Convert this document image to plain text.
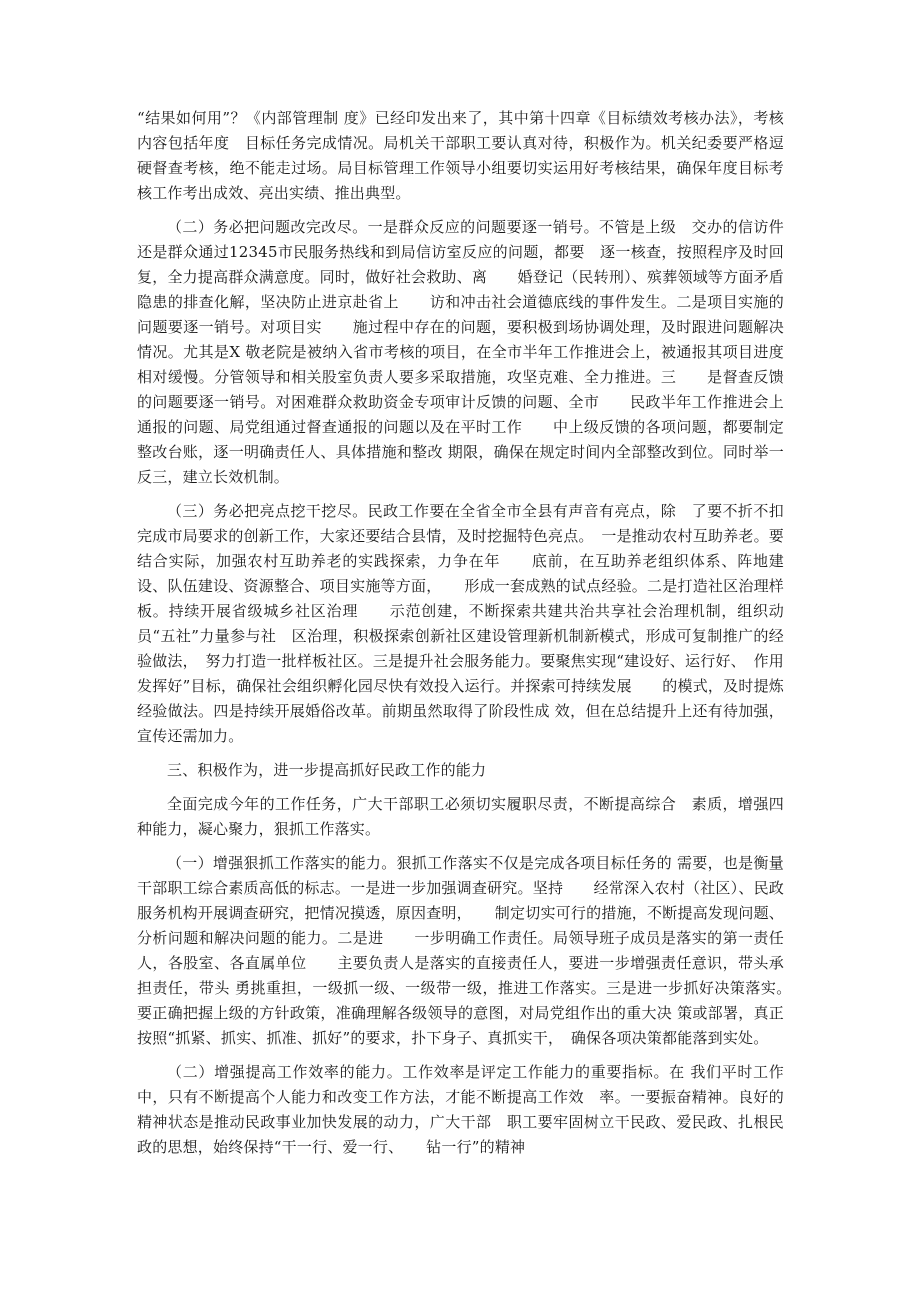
“结果如何用”？《内部管理制 度》已经印发出来了，其中第十四章《目标绩效考核办法》，考核内容包括年度　目标任务完成情况。局机关干部职工要认真对待，积极作为。机关纪委要严格逗　硬督查考核，绝不能走过场。局目标管理工作领导小组要切实运用好考核结果，确保年度目标考核工作考出成效、亮出实绩、推出典型。

（二）务必把问题改完改尽。一是群众反应的问题要逐一销号。不管是上级　交办的信访件还是群众通过12345市民服务热线和到局信访室反应的问题，都要　逐一核查，按照程序及时回复，全力提高群众满意度。同时，做好社会救助、离　　婚登记（民转刑）、殡葬领域等方面矛盾隐患的排查化解，坚决防止进京赴省上　　访和冲击社会道德底线的事件发生。二是项目实施的问题要逐一销号。对项目实　　施过程中存在的问题，要积极到场协调处理，及时跟进问题解决情况。尤其是X 敬老院是被纳入省市考核的项目，在全市半年工作推进会上，被通报其项目进度　　相对缓慢。分管领导和相关股室负责人要多采取措施，攻坚克难、全力推进。三　　是督查反馈的问题要逐一销号。对困难群众救助资金专项审计反馈的问题、全市　　民政半年工作推进会上通报的问题、局党组通过督查通报的问题以及在平时工作　　中上级反馈的各项问题，都要制定整改台账，逐一明确责任人、具体措施和整改 期限，确保在规定时间内全部整改到位。同时举一反三，建立长效机制。

（三）务必把亮点挖干挖尽。民政工作要在全省全市全县有声音有亮点，除　了要不折不扣完成市局要求的创新工作，大家还要结合县情，及时挖掘特色亮点。　一是推动农村互助养老。要结合实际，加强农村互助养老的实践探索，力争在年　　底前，在互助养老组织体系、阵地建设、队伍建设、资源整合、项目实施等方面，　　形成一套成熟的试点经验。二是打造社区治理样板。持续开展省级城乡社区治理　　示范创建，不断探索共建共治共享社会治理机制，组织动员“五社”力量参与社　区治理，积极探索创新社区建设管理新机制新模式，形成可复制推广的经验做法，　努力打造一批样板社区。三是提升社会服务能力。要聚焦实现“建设好、运行好、　作用发挥好”目标，确保社会组织孵化园尽快有效投入运行。并探索可持续发展　　的模式，及时提炼经验做法。四是持续开展婚俗改革。前期虽然取得了阶段性成 效，但在总结提升上还有待加强，宣传还需加力。

三、积极作为，进一步提高抓好民政工作的能力

全面完成今年的工作任务，广大干部职工必须切实履职尽责，不断提高综合　素质，增强四种能力，凝心聚力，狠抓工作落实。

（一）增强狠抓工作落实的能力。狠抓工作落实不仅是完成各项目标任务的 需要，也是衡量干部职工综合素质高低的标志。一是进一步加强调查研究。坚持　　经常深入农村（社区）、民政服务机构开展调查研究，把情况摸透，原因查明，　　制定切实可行的措施，不断提高发现问题、分析问题和解决问题的能力。二是进　　一步明确工作责任。局领导班子成员是落实的第一责任人，各股室、各直属单位　　主要负责人是落实的直接责任人，要进一步增强责任意识，带头承担责任，带头 勇挑重担，一级抓一级、一级带一级，推进工作落实。三是进一步抓好决策落实。　要正确把握上级的方针政策，准确理解各级领导的意图，对局党组作出的重大决 策或部署，真正按照“抓紧、抓实、抓准、抓好”的要求，扑下身子、真抓实干，　确保各项决策都能落到实处。

（二）增强提高工作效率的能力。工作效率是评定工作能力的重要指标。在 我们平时工作中，只有不断提高个人能力和改变工作方法，才能不断提高工作效　率。一要振奋精神。良好的精神状态是推动民政事业加快发展的动力，广大干部　职工要牢固树立干民政、爱民政、扎根民政的思想，始终保持“干一行、爱一行、　　钻一行”的精神
